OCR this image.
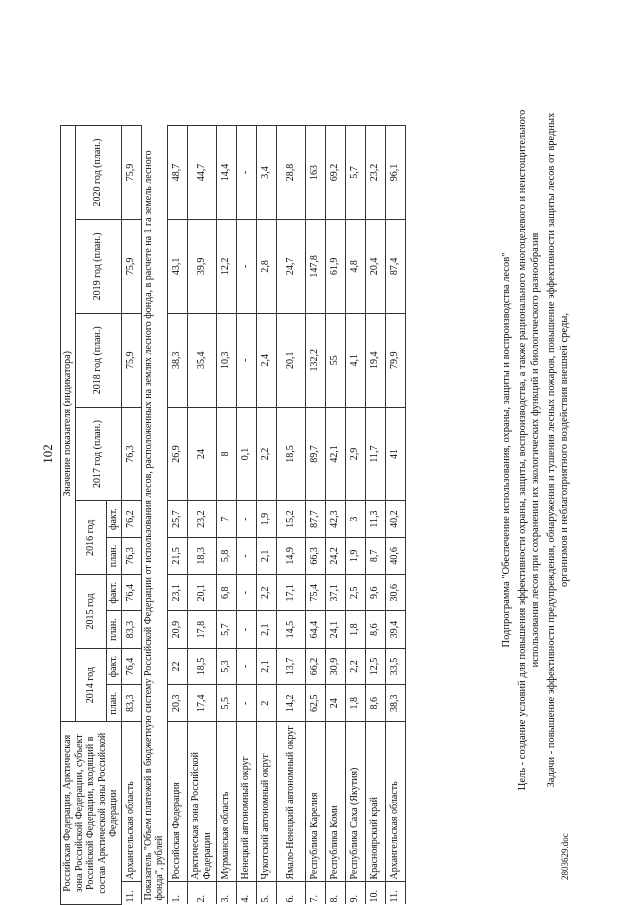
102
2803629.doc
Российская Федерация, Арктическая зона Российской Федерации, субъект Российской Федерации, входящий в состав Арктической зоны Российской Федерации		Значение показателя (индикатора)									
		2014 год		2015 год		2016 год		2017 год (план.)	2018 год (план.)	2019 год (план.)	2020 год (план.)
		план.	факт.	план.	факт.	план.	факт.				
11.	Архангельская область	83,3	76,4	83,3	76,4	76,3	76,2	76,3	75,9	75,9	75,9
Показатель "Объем платежей в бюджетную систему Российской Федерации от использования лесов, расположенных на землях лесного фонда, в расчете на 1 га земель лесного фонда", рублей											
1.	Российская Федерация	20,3	22	20,9	23,1	21,5	25,7	26,9	38,3	43,1	48,7
2.	Арктическая зона Российской Федерации	17,4	18,5	17,8	20,1	18,3	23,2	24	35,4	39,9	44,7
3.	Мурманская область	5,5	5,3	5,7	6,8	5,8	7	8	10,3	12,2	14,4
4.	Ненецкий автономный округ	-	-	-	-	-	-	0,1	-	-	-
5.	Чукотский автономный округ	2	2,1	2,1	2,2	2,1	1,9	2,2	2,4	2,8	3,4
6.	Ямало-Ненецкий автономный округ	14,2	13,7	14,5	17,1	14,9	15,2	18,5	20,1	24,7	28,8
7.	Республика Карелия	62,5	66,2	64,4	75,4	66,3	87,7	89,7	132,2	147,8	163
8.	Республика Коми	24	30,9	24,1	37,1	24,2	42,3	42,1	55	61,9	69,2
9.	Республика Саха (Якутия)	1,8	2,2	1,8	2,5	1,9	3	2,9	4,1	4,8	5,7
10.	Красноярский край	8,6	12,5	8,6	9,6	8,7	11,3	11,7	19,4	20,4	23,2
11.	Архангельская область	38,3	33,5	39,4	30,6	40,6	40,2	41	79,9	87,4	96,1
Подпрограмма "Обеспечение использования, охраны, защиты и воспроизводства лесов" Цель - создание условий для повышения эффективности охраны, защиты, воспроизводства, а также рационального многоцелевого и неистощительного использования лесов при сохранении их экологических функций и биологического разнообразия Задачи - повышение эффективности предупреждения, обнаружения и тушения лесных пожаров, повышение эффективности защиты лесов от вредных организмов и неблагоприятного воздействия внешней среды,
